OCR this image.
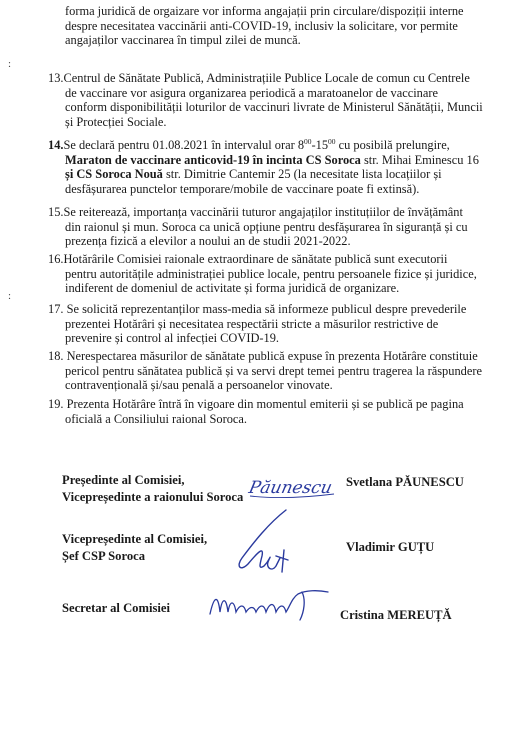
:
:
forma juridică de orgaizare vor informa angajații prin circulare/dispoziții interne
despre necesitatea vaccinării anti-COVID-19, inclusiv la solicitare, vor permite
angajaților vaccinarea în timpul zilei de muncă.
13.Centrul de Sănătate Publică, Administrațiile Publice Locale de comun cu Centrele
de vaccinare vor asigura organizarea periodică a maratoanelor de vaccinare
conform disponibilității loturilor de vaccinuri livrate de Ministerul Sănătății, Muncii
și Protecției Sociale.
14.Se declară pentru 01.08.2021 în intervalul orar $8^{00}-15^{00}$ cu posibilă prelungire,
Maraton de vaccinare anticovid-19 în incinta CS Soroca str. Mihai Eminescu 16
și CS Soroca Nouă str. Dimitrie Cantemir 25 (la necesitate lista locațiilor și
desfășurarea punctelor temporare/mobile de vaccinare poate fi extinsă).
15.Se reiterează, importanța vaccinării tuturor angajaților instituțiilor de învățământ
din raionul și mun. Soroca ca unică opțiune pentru desfășurarea în siguranță și cu
prezența fizică a elevilor a noului an de studii 2021-2022.
16.Hotărârile Comisiei raionale extraordinare de sănătate publică sunt executorii
pentru autoritățile administrației publice locale, pentru persoanele fizice și juridice,
indiferent de domeniul de activitate și forma juridică de organizare.
17. Se solicită reprezentanților mass-media să informeze publicul despre prevederile
prezentei Hotărâri și necesitatea respectării stricte a măsurilor restrictive de
prevenire și control al infecției COVID-19.
18. Nerespectarea măsurilor de sănătate publică expuse în prezenta Hotărâre constituie
pericol pentru sănătatea publică și va servi drept temei pentru tragerea la răspundere
contravențională și/sau penală a persoanelor vinovate.
19. Prezenta Hotărâre întră în vigoare din momentul emiterii și se publică pe pagina
oficială a Consiliului raional Soroca.
Președinte al Comisiei,
Vicepreședinte a raionului Soroca Păunescu Svetlana PĂUNESCU
Vicepreședinte al Comisiei,
Șef CSP Soroca
Vladimir GUȚU
Secretar al Comisiei	Cristina MEREUȚĂ
